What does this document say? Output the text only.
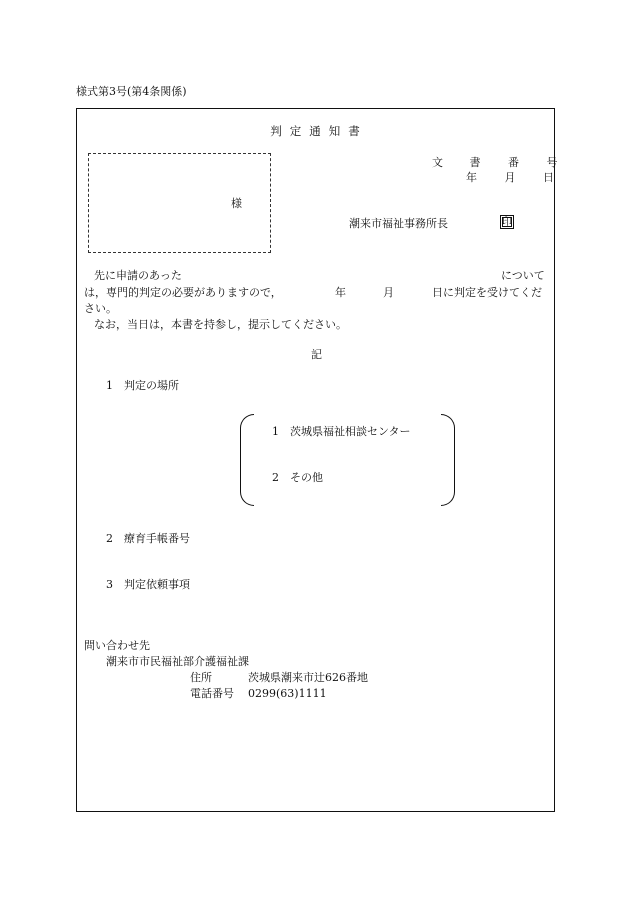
様式第3号(第4条関係)
判定通知書
様
文 書	番	号
年	月	日
潮来市福祉事務所長	印
先に申請のあった	について
は，専門的判定の必要がありますので，	年	月	日に判定を受けてくだ
さい。
なお，当日は，本書を持参し，提示してください。
記
1　判定の場所
1　茨城県福祉相談センター
2　その他
2　療育手帳番号
3　判定依頼事項
問い合わせ先
潮来市市民福祉部介護福祉課
住所	茨城県潮来市辻626番地
電話番号 0299(63)1111
